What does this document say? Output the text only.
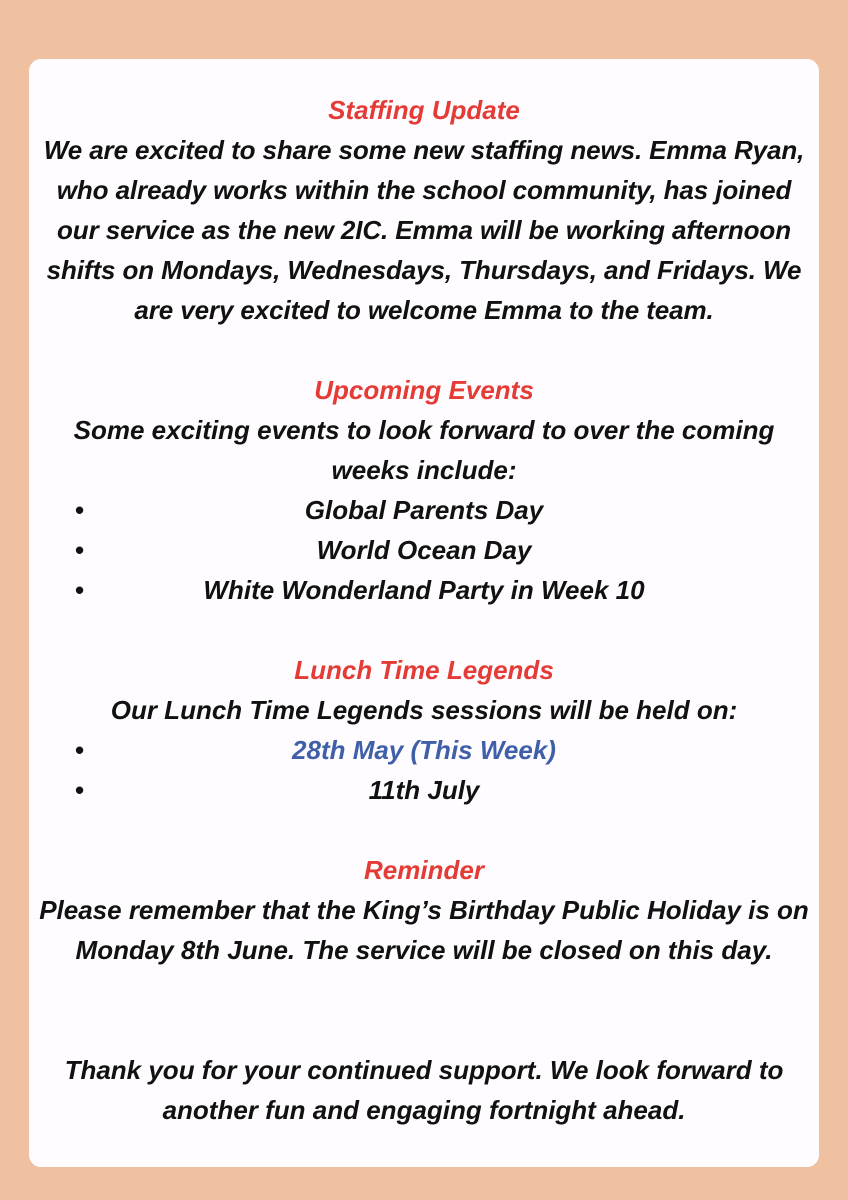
Staffing Update

We are excited to share some new staffing news. Emma Ryan, who already works within the school community, has joined our service as the new 2IC. Emma will be working afternoon shifts on Mondays, Wednesdays, Thursdays, and Fridays. We are very excited to welcome Emma to the team.

Upcoming Events

Some exciting events to look forward to over the coming weeks include:

•	Global Parents Day
•	World Ocean Day
•	White Wonderland Party in Week 10
Lunch Time Legends

Our Lunch Time Legends sessions will be held on:

•	28th May (This Week)
•	11th July
Reminder

Please remember that the King’s Birthday Public Holiday is on Monday 8th June. The service will be closed on this day.

Thank you for your continued support. We look forward to another fun and engaging fortnight ahead.
